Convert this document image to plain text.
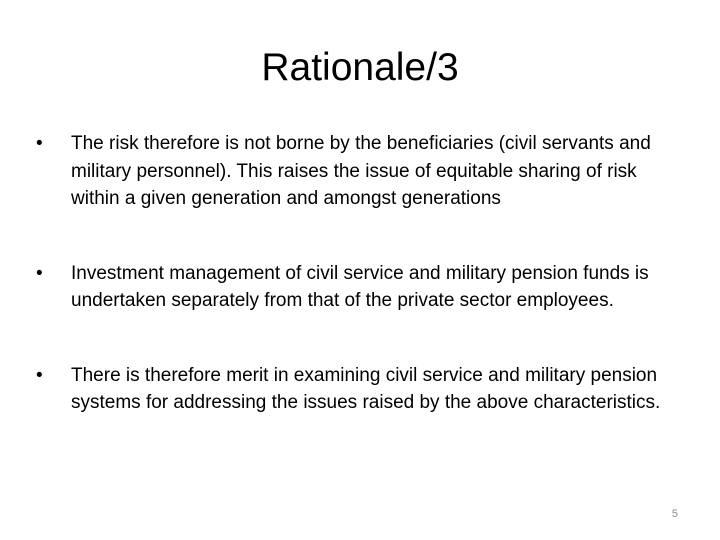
Rationale/3
• The risk therefore is not borne by the beneficiaries (civil servants and military personnel). This raises the issue of equitable sharing of risk within a given generation and amongst generations
• Investment management of civil service and military pension funds is undertaken separately from that of the private sector employees.
• There is therefore merit in examining civil service and military pension systems for addressing the issues raised by the above characteristics.
5
